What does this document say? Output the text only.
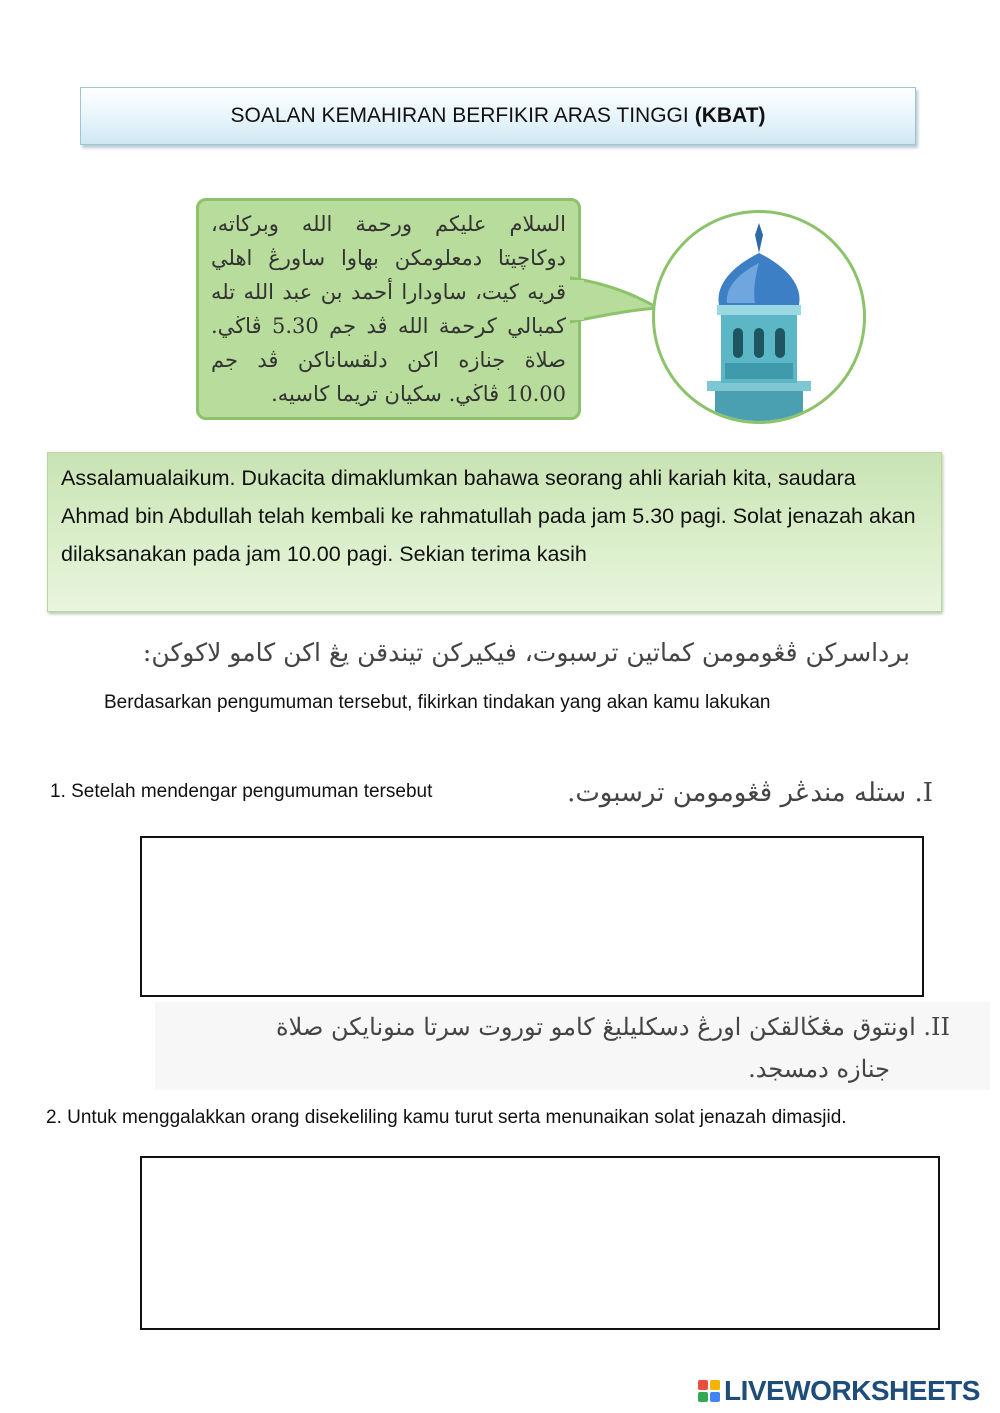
SOALAN KEMAHIRAN BERFIKIR ARAS TINGGI (KBAT)
السلام عليكم ورحمة الله وبركاته، دوكاچيتا دمعلومكن بهاوا ساورڠ اهلي قريه كيت، ساودارا أحمد بن عبد الله تله كمبالي كرحمة الله ڤد جم 5.30 ڤاڬي. صلاة جنازه اكن دلقساناكن ڤد جم 10.00 ڤاڬي. سكيان تريما كاسيه.
Assalamualaikum. Dukacita dimaklumkan bahawa seorang ahli kariah kita, saudara Ahmad bin Abdullah telah kembali ke rahmatullah pada jam 5.30 pagi. Solat jenazah akan dilaksanakan pada jam 10.00 pagi. Sekian terima kasih
برداسركن ڤڠومومن كماتين ترسبوت، فيكيركن تيندقن يڠ اكن كامو لاكوكن:
Berdasarkan pengumuman tersebut, fikirkan tindakan yang akan kamu lakukan
1. Setelah mendengar pengumuman tersebut	I. ستله مندڠر ڤڠومومن ترسبوت.
II. اونتوق مڠڬالقكن اورڠ دسكليليڠ كامو توروت سرتا منونايكن صلاة
جنازه دمسجد.
2. Untuk menggalakkan orang disekeliling kamu turut serta menunaikan solat jenazah dimasjid.
LIVEWORKSHEETS
